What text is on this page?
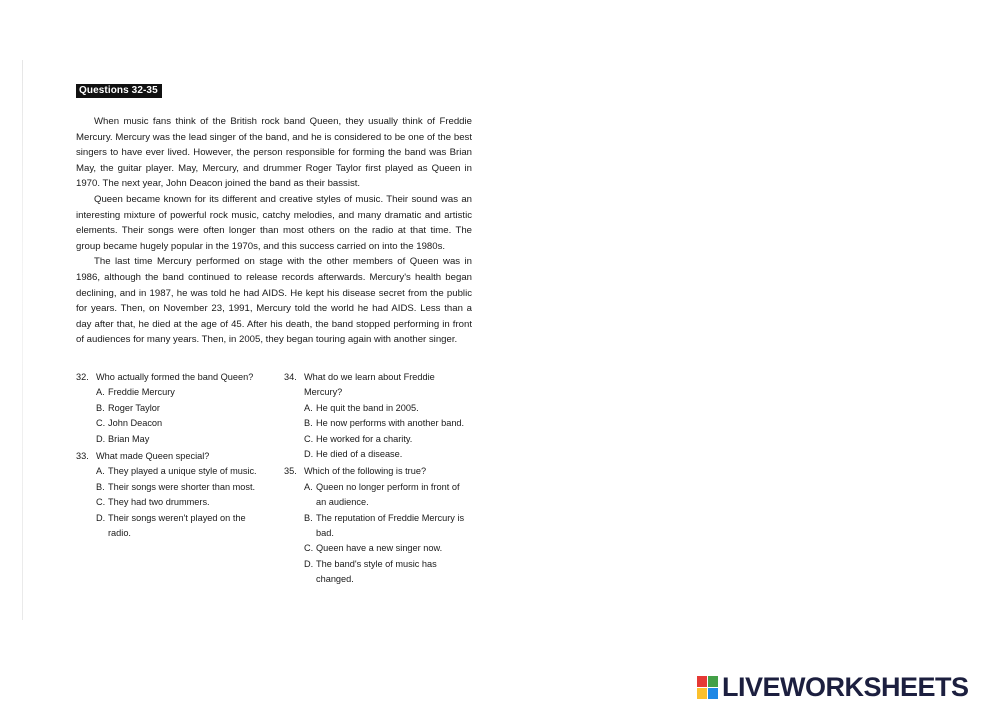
Questions 32-35

When music fans think of the British rock band Queen, they usually think of Freddie Mercury. Mercury was the lead singer of the band, and he is considered to be one of the best singers to have ever lived. However, the person responsible for forming the band was Brian May, the guitar player. May, Mercury, and drummer Roger Taylor first played as Queen in 1970. The next year, John Deacon joined the band as their bassist.

Queen became known for its different and creative styles of music. Their sound was an interesting mixture of powerful rock music, catchy melodies, and many dramatic and artistic elements. Their songs were often longer than most others on the radio at that time. The group became hugely popular in the 1970s, and this success carried on into the 1980s.

The last time Mercury performed on stage with the other members of Queen was in 1986, although the band continued to release records afterwards. Mercury's health began declining, and in 1987, he was told he had AIDS. He kept his disease secret from the public for years. Then, on November 23, 1991, Mercury told the world he had AIDS. Less than a day after that, he died at the age of 45. After his death, the band stopped performing in front of audiences for many years. Then, in 2005, they began touring again with another singer.

32. Who actually formed the band Queen?
A. Freddie Mercury
B. Roger Taylor
C. John Deacon
D. Brian May
33. What made Queen special?
A. They played a unique style of music.
B. Their songs were shorter than most.
C. They had two drummers.
D. Their songs weren't played on the radio.
34. What do we learn about Freddie Mercury?
A. He quit the band in 2005.
B. He now performs with another band.
C. He worked for a charity.
D. He died of a disease.
35. Which of the following is true?
A. Queen no longer perform in front of an audience.
B. The reputation of Freddie Mercury is bad.
C. Queen have a new singer now.
D. The band's style of music has changed.
LIVEWORKSHEETS
